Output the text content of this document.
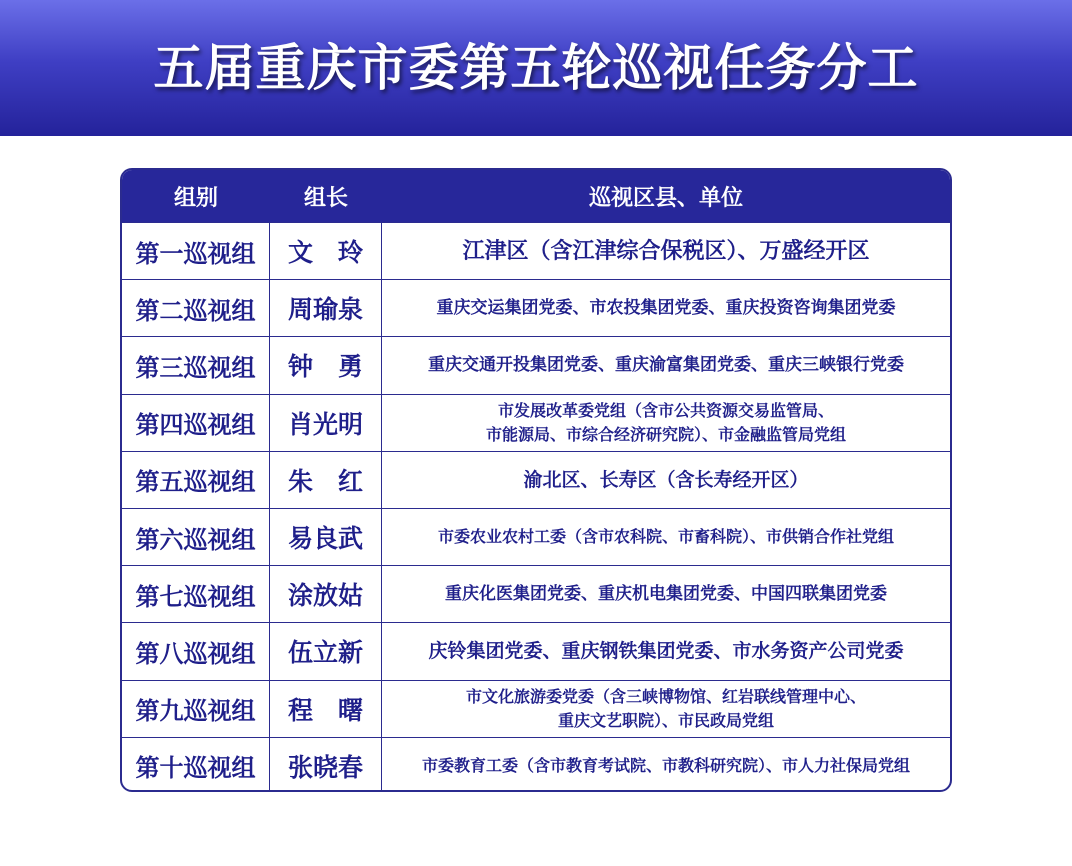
五届重庆市委第五轮巡视任务分工
组别	组长	巡视区县、单位
第一巡视组	文　玲	江津区（含江津综合保税区）、万盛经开区
第二巡视组	周瑜泉	重庆交运集团党委、市农投集团党委、重庆投资咨询集团党委
第三巡视组	钟　勇	重庆交通开投集团党委、重庆渝富集团党委、重庆三峡银行党委
第四巡视组	肖光明	市发展改革委党组（含市公共资源交易监管局、
市能源局、市综合经济研究院）、市金融监管局党组
第五巡视组	朱　红	渝北区、长寿区（含长寿经开区）
第六巡视组	易良武	市委农业农村工委（含市农科院、市畜科院）、市供销合作社党组
第七巡视组	涂放姑	重庆化医集团党委、重庆机电集团党委、中国四联集团党委
第八巡视组	伍立新	庆铃集团党委、重庆钢铁集团党委、市水务资产公司党委
第九巡视组	程　曙	市文化旅游委党委（含三峡博物馆、红岩联线管理中心、
重庆文艺职院）、市民政局党组
第十巡视组	张晓春	市委教育工委（含市教育考试院、市教科研究院）、市人力社保局党组
